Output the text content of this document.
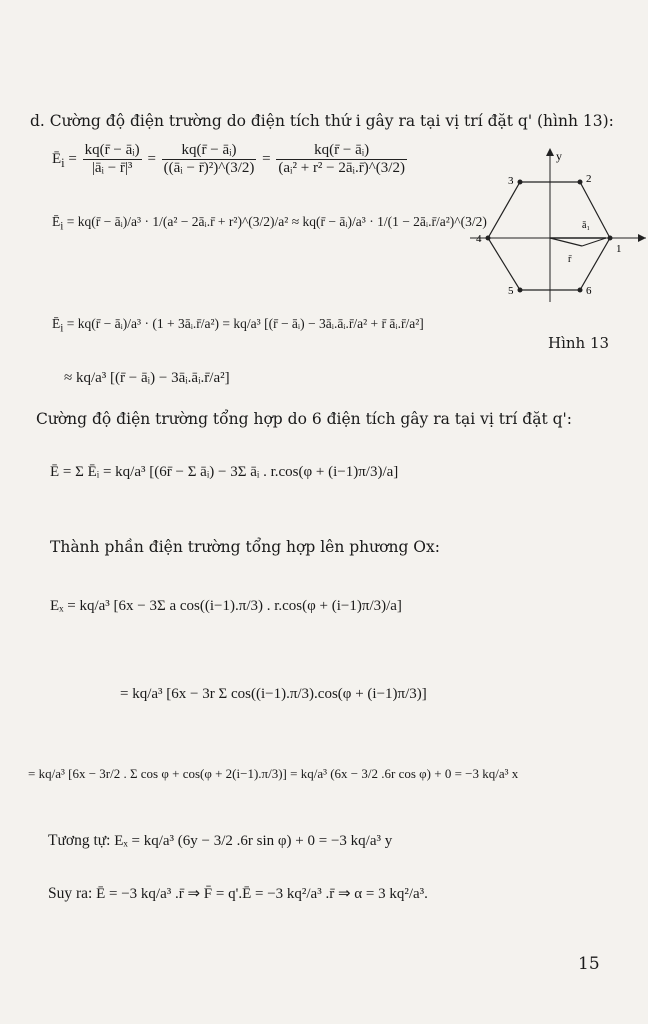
d. Cường độ điện trường do điện tích thứ i gây ra tại vị trí đặt q' (hình 13):
$Ē_i = \frac{\text{kq(r̄ − āᵢ)}}{\text{|āᵢ − r̄|³}} = \frac{\text{kq(r̄ − āᵢ)}}{\text{((āᵢ − r̄)²)\textasciicircum{}(3/2)}} = \frac{\text{kq(r̄ − āᵢ)}}{\text{(aᵢ² + r² − 2āᵢ.r̄)\textasciicircum{}(3/2)}}$
$Ē_i$ = kq(r̄ − āᵢ)/a³ · 1/(a² − 2āᵢ.r̄ + r²)^(3/2)/a² ≈ kq(r̄ − āᵢ)/a³ · 1/(1 − 2āᵢ.r̄/a²)^(3/2)
$Ē_i$ = kq(r̄ − āᵢ)/a³ · (1 + 3āᵢ.r̄/a²) = kq/a³ [(r̄ − āᵢ) − 3āᵢ.āᵢ.r̄/a² + r̄ āᵢ.r̄/a²]
≈ kq/a³ [(r̄ − āᵢ) − 3āᵢ.āᵢ.r̄/a²]
Cường độ điện trường tổng hợp do 6 điện tích gây ra tại vị trí đặt q':
Ē = Σ Ēᵢ = kq/a³ [(6r̄ − Σ āᵢ) − 3Σ āᵢ . r.cos(φ + (i−1)π/3)/a]
Thành phần điện trường tổng hợp lên phương Ox:
Eₓ = kq/a³ [6x − 3Σ a cos((i−1).π/3) . r.cos(φ + (i−1)π/3)/a]
= kq/a³ [6x − 3r Σ cos((i−1).π/3).cos(φ + (i−1)π/3)]
= kq/a³ [6x − 3r/2 . Σ cos φ + cos(φ + 2(i−1).π/3)] = kq/a³ (6x − 3/2 .6r cos φ) + 0 = −3 kq/a³ x
Tương tự: Eₓ = kq/a³ (6y − 3/2 .6r sin φ) + 0 = −3 kq/a³ y
Suy ra: Ē = −3 kq/a³ .r̄ ⇒ F̄ = q'.Ē = −3 kq²/a³ .r̄ ⇒ α = 3 kq²/a³.
y
1
2
3
4
5	6
ā₁
r̄
Hình 13
15
